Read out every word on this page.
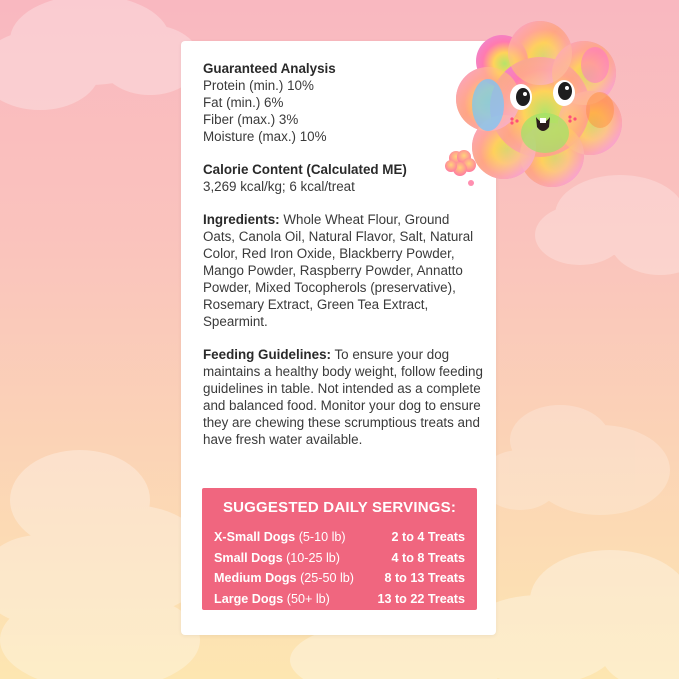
Guaranteed Analysis

Protein (min.) 10%

Fat (min.) 6%

Fiber (max.) 3%

Moisture (max.) 10%

Calorie Content (Calculated ME)

3,269 kcal/kg; 6 kcal/treat

Ingredients: Whole Wheat Flour, Ground Oats, Canola Oil, Natural Flavor, Salt, Natural Color, Red Iron Oxide, Blackberry Powder, Mango Powder, Raspberry Powder, Annatto Powder, Mixed Tocopherols (preservative), Rosemary Extract, Green Tea Extract, Spearmint.

Feeding Guidelines: To ensure your dog maintains a healthy body weight, follow feeding guidelines in table. Not intended as a complete and balanced food. Monitor your dog to ensure they are chewing these scrumptious treats and have fresh water available.

SUGGESTED DAILY SERVINGS:
X-Small Dogs (5-10 lb)	2 to 4 Treats
Small Dogs (10-25 lb)	4 to 8 Treats
Medium Dogs (25-50 lb) 8 to 13 Treats
Large Dogs (50+ lb)	13 to 22 Treats
